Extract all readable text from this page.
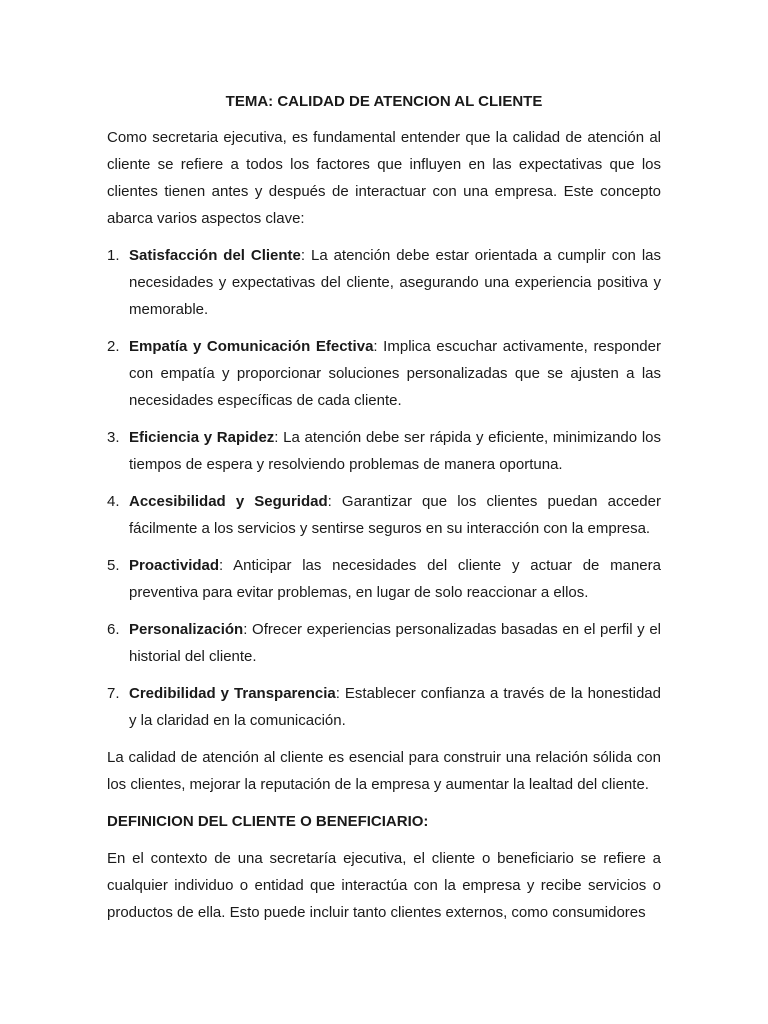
TEMA: CALIDAD DE ATENCION AL CLIENTE

Como secretaria ejecutiva, es fundamental entender que la calidad de atención al cliente se refiere a todos los factores que influyen en las expectativas que los clientes tienen antes y después de interactuar con una empresa. Este concepto abarca varios aspectos clave:

1. Satisfacción del Cliente: La atención debe estar orientada a cumplir con las necesidades y expectativas del cliente, asegurando una experiencia positiva y memorable.
2. Empatía y Comunicación Efectiva: Implica escuchar activamente, responder con empatía y proporcionar soluciones personalizadas que se ajusten a las necesidades específicas de cada cliente.
3. Eficiencia y Rapidez: La atención debe ser rápida y eficiente, minimizando los tiempos de espera y resolviendo problemas de manera oportuna.
4. Accesibilidad y Seguridad: Garantizar que los clientes puedan acceder fácilmente a los servicios y sentirse seguros en su interacción con la empresa.
5. Proactividad: Anticipar las necesidades del cliente y actuar de manera preventiva para evitar problemas, en lugar de solo reaccionar a ellos.
6. Personalización: Ofrecer experiencias personalizadas basadas en el perfil y el historial del cliente.
7. Credibilidad y Transparencia: Establecer confianza a través de la honestidad y la claridad en la comunicación.

La calidad de atención al cliente es esencial para construir una relación sólida con los clientes, mejorar la reputación de la empresa y aumentar la lealtad del cliente.

DEFINICION DEL CLIENTE O BENEFICIARIO:

En el contexto de una secretaría ejecutiva, el cliente o beneficiario se refiere a cualquier individuo o entidad que interactúa con la empresa y recibe servicios o productos de ella. Esto puede incluir tanto clientes externos, como consumidores
